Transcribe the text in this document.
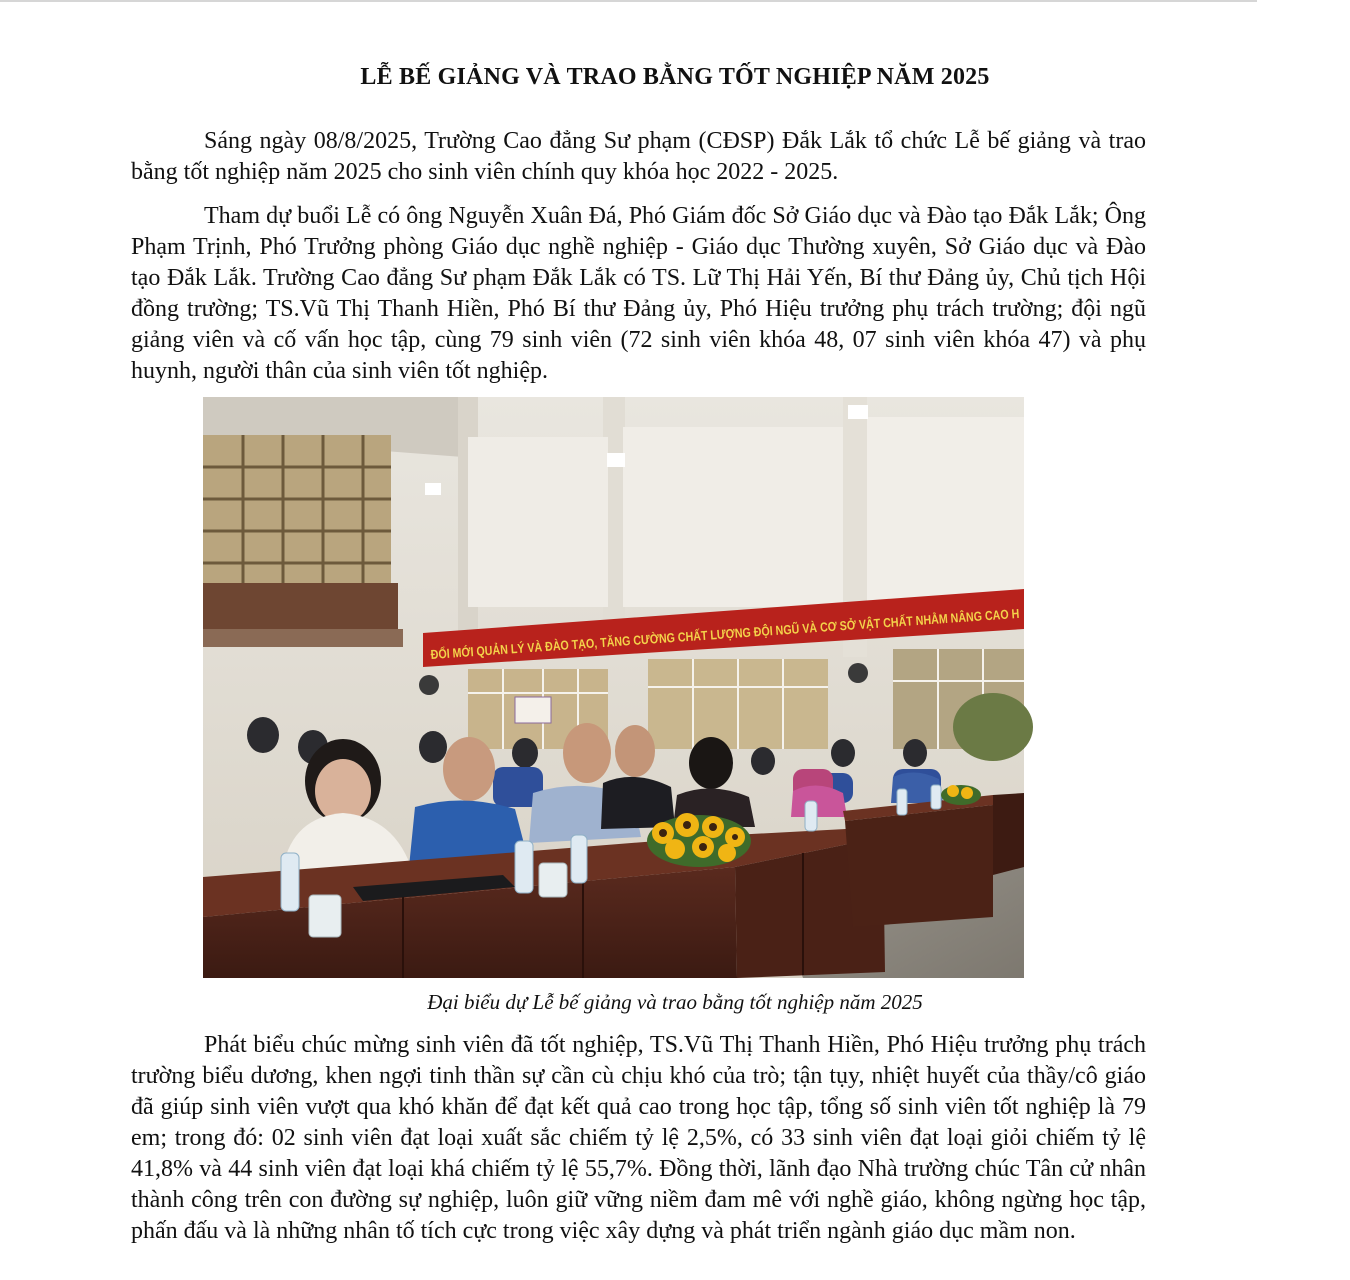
LỄ BẾ GIẢNG VÀ TRAO BẰNG TỐT NGHIỆP NĂM 2025

Sáng ngày 08/8/2025, Trường Cao đẳng Sư phạm (CĐSP) Đắk Lắk tổ chức Lễ bế giảng và trao bằng tốt nghiệp năm 2025 cho sinh viên chính quy khóa học 2022 - 2025.

Tham dự buổi Lễ có ông Nguyễn Xuân Đá, Phó Giám đốc Sở Giáo dục và Đào tạo Đắk Lắk; Ông Phạm Trịnh, Phó Trưởng phòng Giáo dục nghề nghiệp - Giáo dục Thường xuyên, Sở Giáo dục và Đào tạo Đắk Lắk. Trường Cao đẳng Sư phạm Đắk Lắk có TS. Lữ Thị Hải Yến, Bí thư Đảng ủy, Chủ tịch Hội đồng trường; TS.Vũ Thị Thanh Hiền, Phó Bí thư Đảng ủy, Phó Hiệu trưởng phụ trách trường; đội ngũ giảng viên và cố vấn học tập, cùng 79 sinh viên (72 sinh viên khóa 48, 07 sinh viên khóa 47) và phụ huynh, người thân của sinh viên tốt nghiệp.

ĐỔI MỚI QUẢN LÝ VÀ ĐÀO TẠO, TĂNG CƯỜNG CHẤT LƯỢNG ĐỘI NGŨ VÀ CƠ SỞ VẬT CHẤT NHẰM NÂNG CAO H

Đại biểu dự Lễ bế giảng và trao bằng tốt nghiệp năm 2025

Phát biểu chúc mừng sinh viên đã tốt nghiệp, TS.Vũ Thị Thanh Hiền, Phó Hiệu trưởng phụ trách trường biểu dương, khen ngợi tinh thần sự cần cù chịu khó của trò; tận tụy, nhiệt huyết của thầy/cô giáo đã giúp sinh viên vượt qua khó khăn để đạt kết quả cao trong học tập, tổng số sinh viên tốt nghiệp là 79 em; trong đó: 02 sinh viên đạt loại xuất sắc chiếm tỷ lệ 2,5%, có 33 sinh viên đạt loại giỏi chiếm tỷ lệ 41,8% và 44 sinh viên đạt loại khá chiếm tỷ lệ 55,7%. Đồng thời, lãnh đạo Nhà trường chúc Tân cử nhân thành công trên con đường sự nghiệp, luôn giữ vững niềm đam mê với nghề giáo, không ngừng học tập, phấn đấu và là những nhân tố tích cực trong việc xây dựng và phát triển ngành giáo dục mầm non.
